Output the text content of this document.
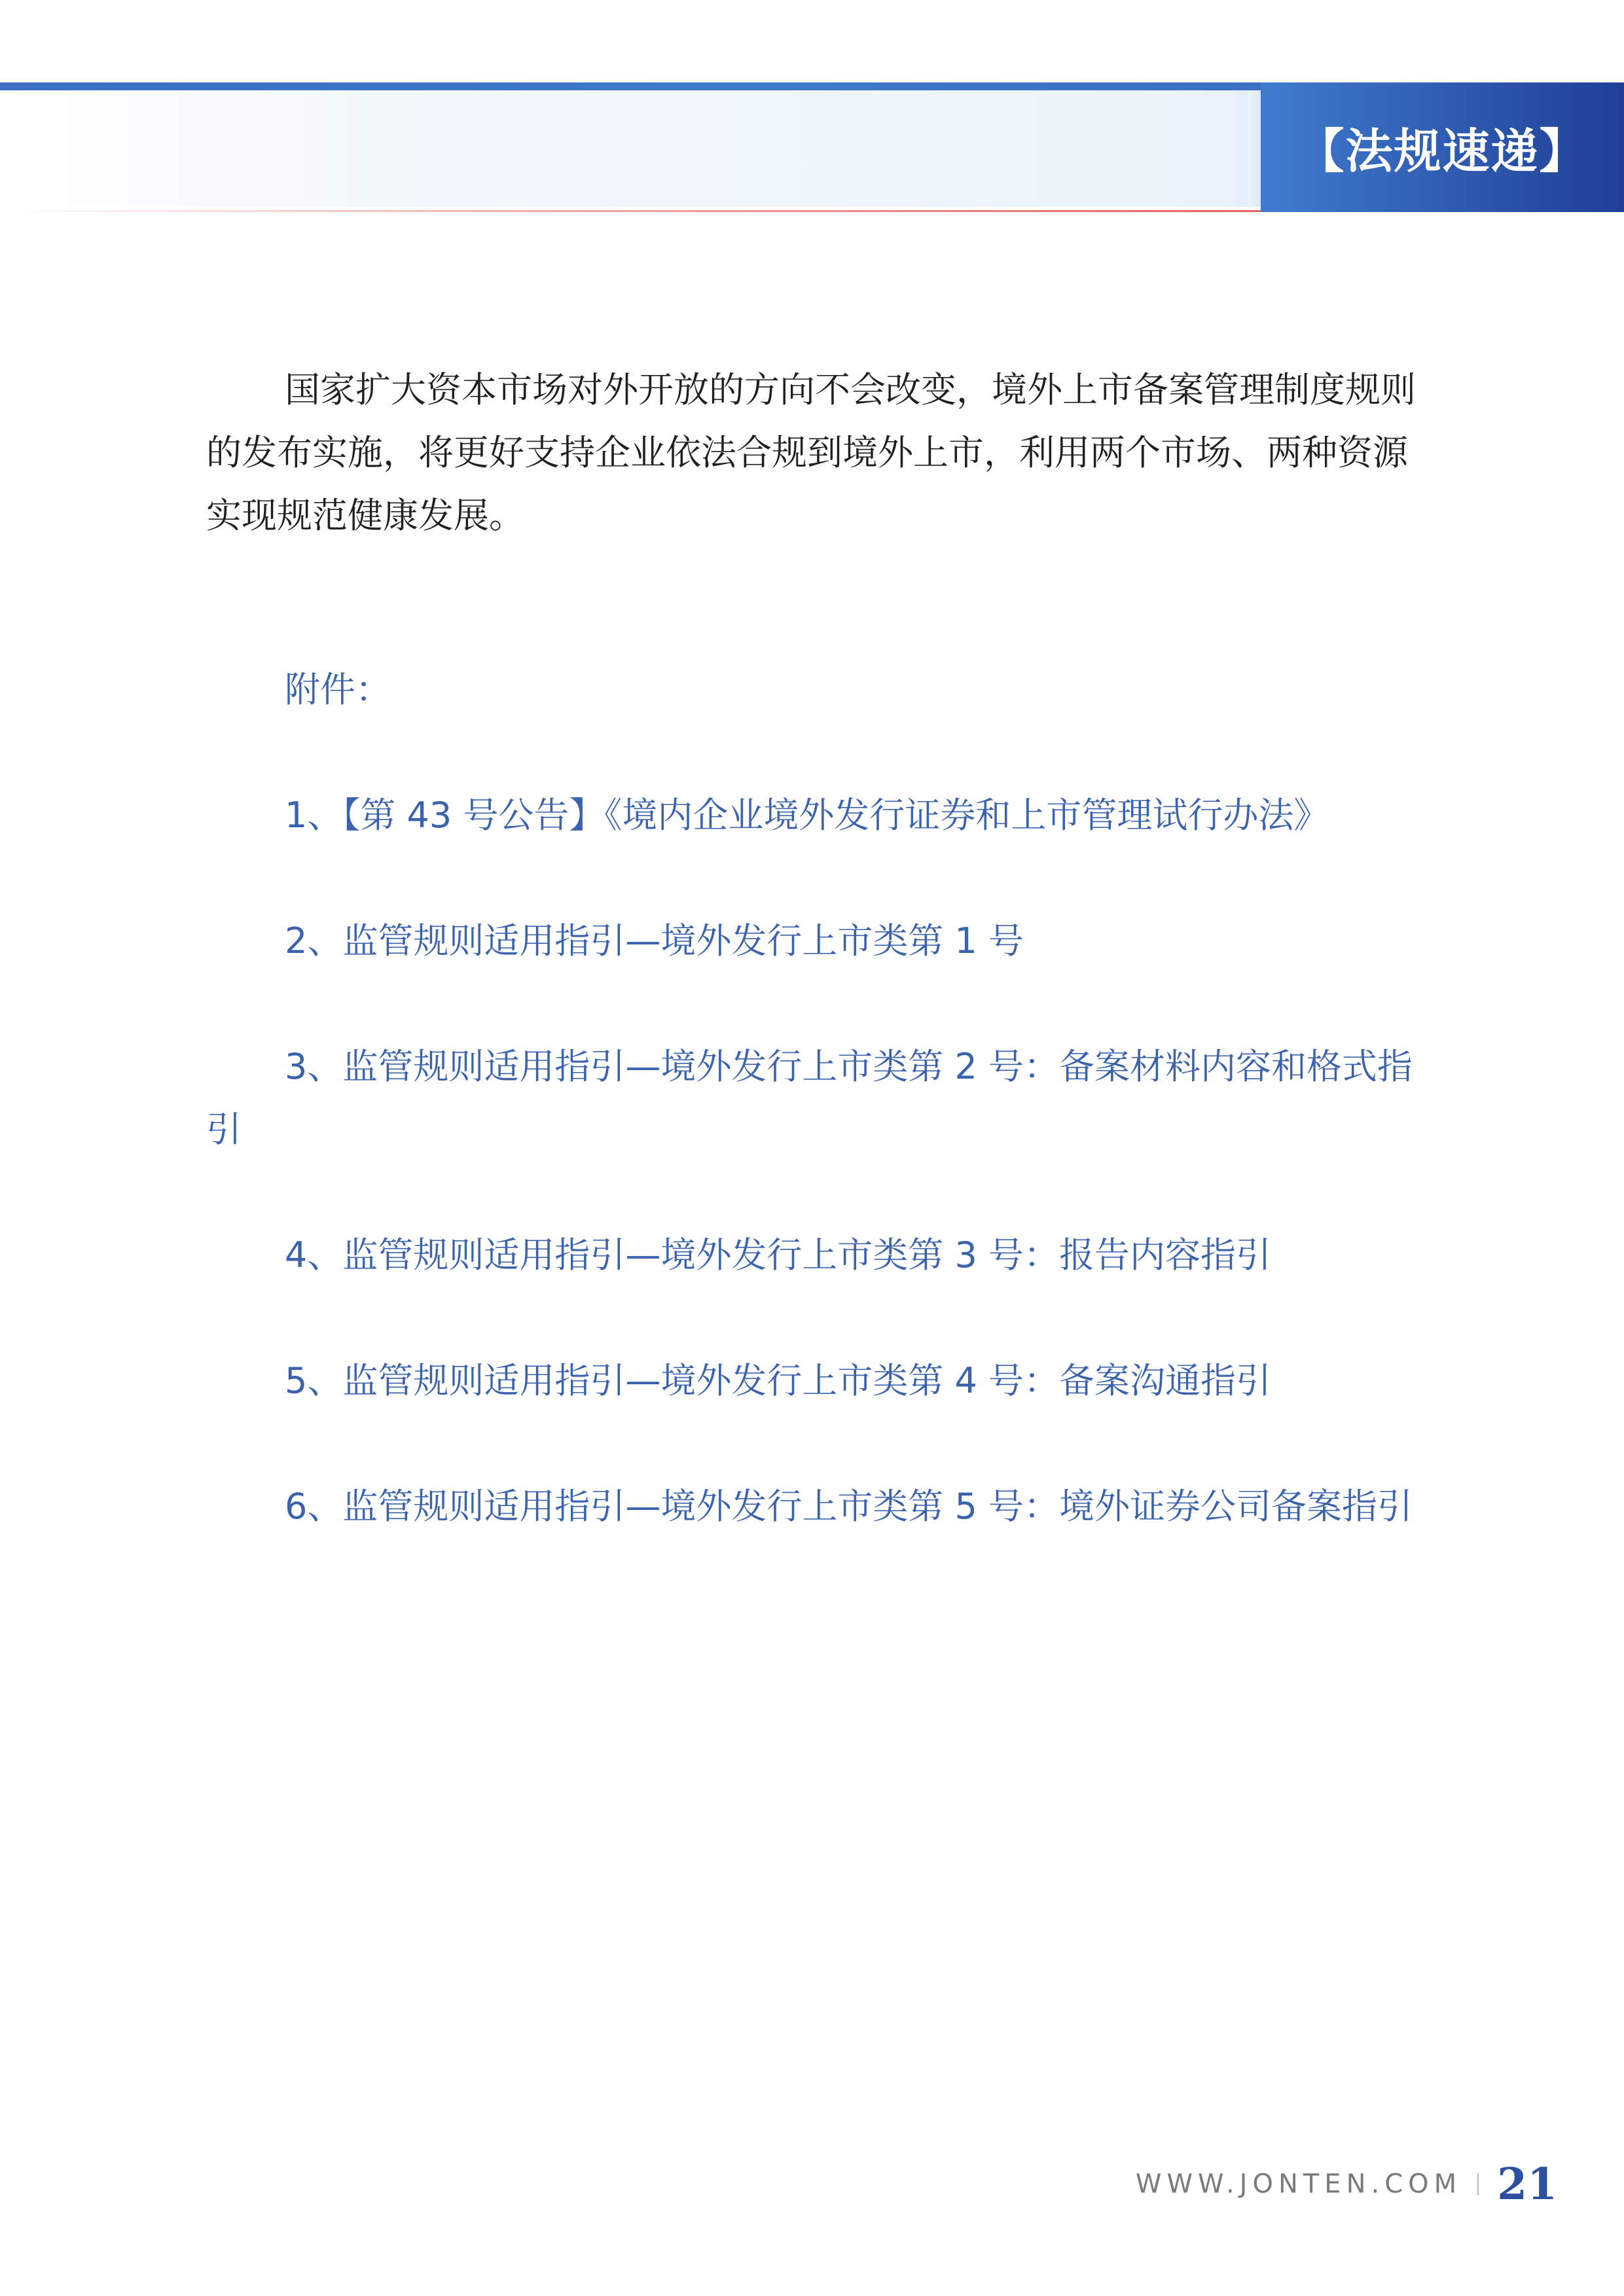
【法规速递】

国家扩大资本市场对外开放的方向不会改变，境外上市备案管理制度规则的发布实施，将更好支持企业依法合规到境外上市，利用两个市场、两种资源实现规范健康发展。

附件：

1、【第 43 号公告】《境内企业境外发行证券和上市管理试行办法》

2、监管规则适用指引—境外发行上市类第 1 号

3、监管规则适用指引—境外发行上市类第 2 号：备案材料内容和格式指引

4、监管规则适用指引—境外发行上市类第 3 号：报告内容指引

5、监管规则适用指引—境外发行上市类第 4 号：备案沟通指引

6、监管规则适用指引—境外发行上市类第 5 号：境外证券公司备案指引

WWW.JONTEN.COM 21
